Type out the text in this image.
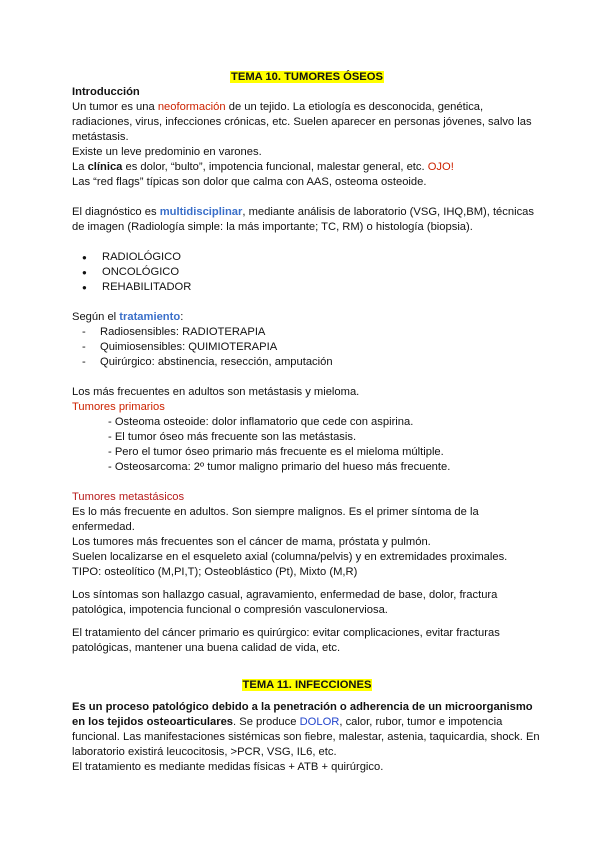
TEMA 10. TUMORES ÓSEOS

Introducción

Un tumor es una neoformación de un tejido. La etiología es desconocida, genética, radiaciones, virus, infecciones crónicas, etc. Suelen aparecer en personas jóvenes, salvo las metástasis.

Existe un leve predominio en varones.

La clínica es dolor, “bulto”, impotencia funcional, malestar general, etc. OJO!

Las “red flags” típicas son dolor que calma con AAS, osteoma osteoide.

El diagnóstico es multidisciplinar, mediante análisis de laboratorio (VSG, IHQ,BM), técnicas de imagen (Radiología simple: la más importante; TC, RM) o histología (biopsia).

● RADIOLÓGICO
● ONCOLÓGICO
● REHABILITADOR

Según el tratamiento:

- Radiosensibles: RADIOTERAPIA
- Quimiosensibles: QUIMIOTERAPIA
- Quirúrgico: abstinencia, resección, amputación

Los más frecuentes en adultos son metástasis y mieloma.

Tumores primarios

- Osteoma osteoide: dolor inflamatorio que cede con aspirina.
- El tumor óseo más frecuente son las metástasis.
- Pero el tumor óseo primario más frecuente es el mieloma múltiple.
- Osteosarcoma: 2º tumor maligno primario del hueso más frecuente.

Tumores metastásicos

Es lo más frecuente en adultos. Son siempre malignos. Es el primer síntoma de la enfermedad.

Los tumores más frecuentes son el cáncer de mama, próstata y pulmón.

Suelen localizarse en el esqueleto axial (columna/pelvis) y en extremidades proximales.

TIPO: osteolítico (M,PI,T); Osteoblástico (Pt), Mixto (M,R)

Los síntomas son hallazgo casual, agravamiento, enfermedad de base, dolor, fractura patológica, impotencia funcional o compresión vasculonerviosa.

El tratamiento del cáncer primario es quirúrgico: evitar complicaciones, evitar fracturas patológicas, mantener una buena calidad de vida, etc.

TEMA 11. INFECCIONES

Es un proceso patológico debido a la penetración o adherencia de un microorganismo en los tejidos osteoarticulares. Se produce DOLOR, calor, rubor, tumor e impotencia funcional. Las manifestaciones sistémicas son fiebre, malestar, astenia, taquicardia, shock. En laboratorio existirá leucocitosis, >PCR, VSG, IL6, etc.

El tratamiento es mediante medidas físicas + ATB + quirúrgico.
